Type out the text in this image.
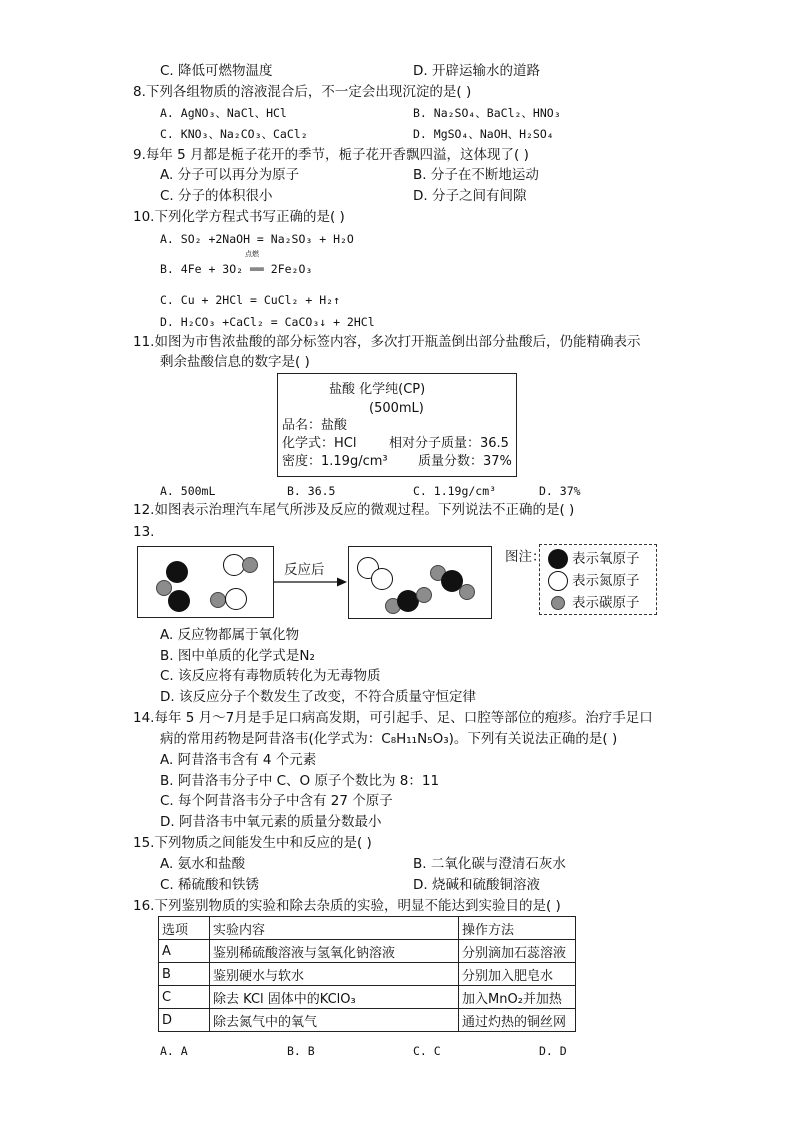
C. 降低可燃物温度	D. 开辟运输水的道路
8.下列各组物质的溶液混合后，不一定会出现沉淀的是( )
A. AgNO₃、NaCl、HCl	B. Na₂SO₄、BaCl₂、HNO₃
C. KNO₃、Na₂CO₃、CaCl₂	D. MgSO₄、NaOH、H₂SO₄
9.每年 5 月都是栀子花开的季节，栀子花开香飘四溢，这体现了( )
A. 分子可以再分为原子	B. 分子在不断地运动
C. 分子的体积很小	D. 分子之间有间隙
10.下列化学方程式书写正确的是( )
A. SO₂ +2NaOH = Na₂SO₃ + H₂O
点燃
B. 4Fe + 3O₂ ══ 2Fe₂O₃
C. Cu + 2HCl = CuCl₂ + H₂↑
D. H₂CO₃ +CaCl₂ = CaCO₃↓ + 2HCl
11.如图为市售浓盐酸的部分标签内容，多次打开瓶盖倒出部分盐酸后，仍能精确表示
剩余盐酸信息的数字是( )
盐酸 化学纯(CP)
(500mL)
品名：盐酸
化学式：HCl	相对分子质量：36.5
密度：1.19g/cm³ 质量分数：37%
A. 500mL	B. 36.5	C. 1.19g/cm³	D. 37%
12.如图表示治理汽车尾气所涉及反应的微观过程。下列说法不正确的是( )
13.
反应后
图注： 表示氧原子
表示氮原子
表示碳原子
A. 反应物都属于氧化物
B. 图中单质的化学式是N₂
C. 该反应将有毒物质转化为无毒物质
D. 该反应分子个数发生了改变，不符合质量守恒定律
14.每年 5 月～7月是手足口病高发期，可引起手、足、口腔等部位的疱疹。治疗手足口
病的常用药物是阿昔洛韦(化学式为：C₈H₁₁N₅O₃)。下列有关说法正确的是( )
A. 阿昔洛韦含有 4 个元素
B. 阿昔洛韦分子中 C、O 原子个数比为 8：11
C. 每个阿昔洛韦分子中含有 27 个原子
D. 阿昔洛韦中氧元素的质量分数最小
15.下列物质之间能发生中和反应的是( )
A. 氨水和盐酸	B. 二氧化碳与澄清石灰水
C. 稀硫酸和铁锈	D. 烧碱和硫酸铜溶液
16.下列鉴别物质的实验和除去杂质的实验，明显不能达到实验目的是( )
选项	实验内容	操作方法
A	鉴别稀硫酸溶液与氢氧化钠溶液	分别滴加石蕊溶液
B	鉴别硬水与软水	分别加入肥皂水
C	除去 KCl 固体中的KClO₃	加入MnO₂并加热
D	除去氮气中的氧气	通过灼热的铜丝网
A. A	B. B	C. C	D. D
